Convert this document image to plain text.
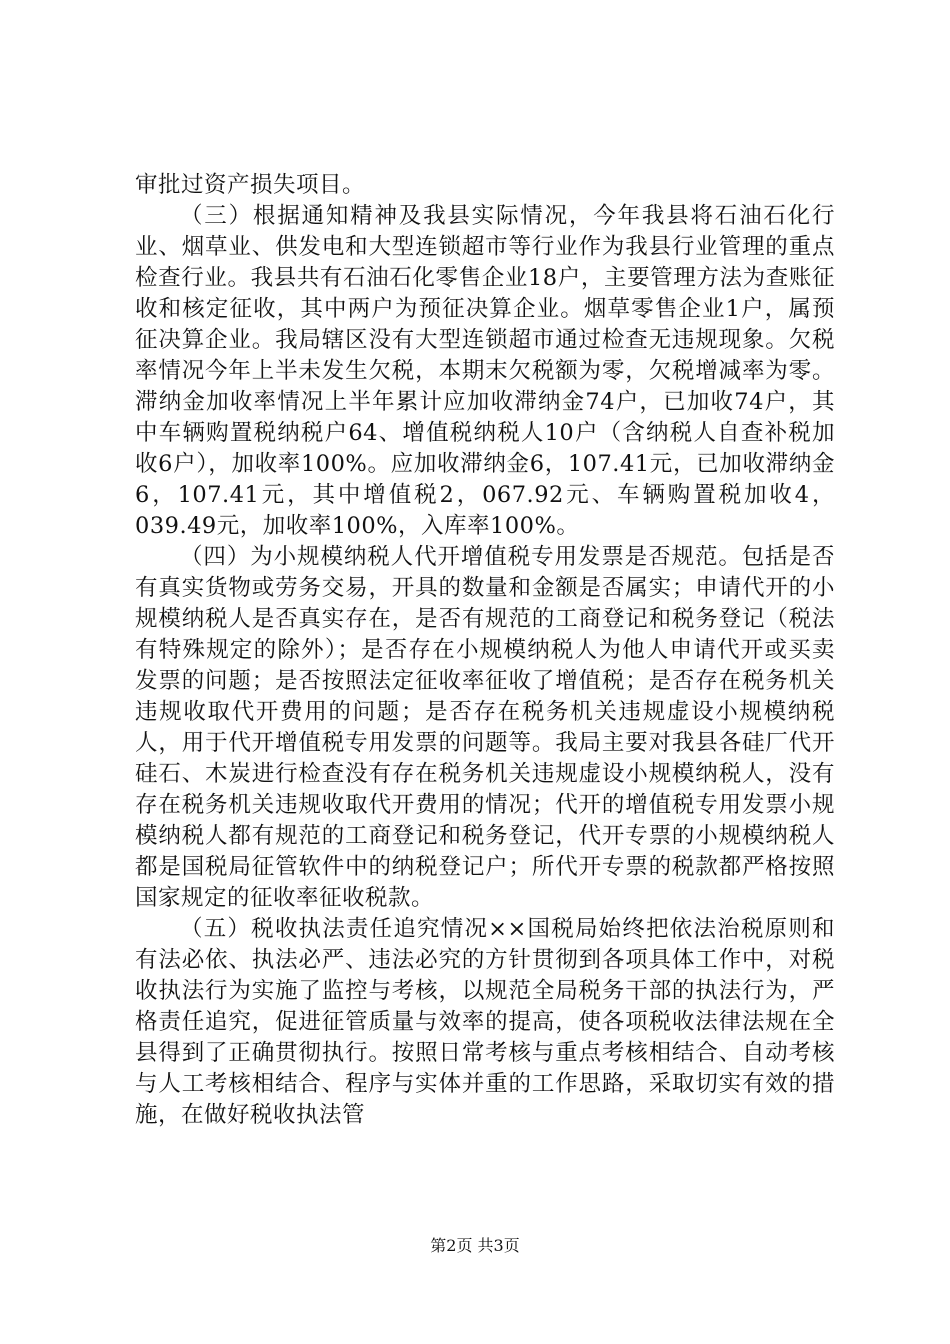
审批过资产损失项目。

（三）根据通知精神及我县实际情况，今年我县将石油石化行业、烟草业、供发电和大型连锁超市等行业作为我县行业管理的重点检查行业。我县共有石油石化零售企业18户，主要管理方法为查账征收和核定征收，其中两户为预征决算企业。烟草零售企业1户，属预征决算企业。我局辖区没有大型连锁超市通过检查无违规现象。欠税率情况今年上半未发生欠税，本期末欠税额为零，欠税增减率为零。滞纳金加收率情况上半年累计应加收滞纳金74户，已加收74户，其中车辆购置税纳税户64、增值税纳税人10户（含纳税人自查补税加收6户），加收率100%。应加收滞纳金6，107.41元，已加收滞纳金6，107.41元，其中增值税2，067.92元、车辆购置税加收4，039.49元，加收率100%，入库率100%。

（四）为小规模纳税人代开增值税专用发票是否规范。包括是否有真实货物或劳务交易，开具的数量和金额是否属实；申请代开的小规模纳税人是否真实存在，是否有规范的工商登记和税务登记（税法有特殊规定的除外）；是否存在小规模纳税人为他人申请代开或买卖发票的问题；是否按照法定征收率征收了增值税；是否存在税务机关违规收取代开费用的问题；是否存在税务机关违规虚设小规模纳税人，用于代开增值税专用发票的问题等。我局主要对我县各硅厂代开硅石、木炭进行检查没有存在税务机关违规虚设小规模纳税人，没有存在税务机关违规收取代开费用的情况；代开的增值税专用发票小规模纳税人都有规范的工商登记和税务登记，代开专票的小规模纳税人都是国税局征管软件中的纳税登记户；所代开专票的税款都严格按照国家规定的征收率征收税款。

（五）税收执法责任追究情况××国税局始终把依法治税原则和有法必依、执法必严、违法必究的方针贯彻到各项具体工作中，对税收执法行为实施了监控与考核，以规范全局税务干部的执法行为，严格责任追究，促进征管质量与效率的提高，使各项税收法律法规在全县得到了正确贯彻执行。按照日常考核与重点考核相结合、自动考核与人工考核相结合、程序与实体并重的工作思路，采取切实有效的措施，在做好税收执法管

第2页 共3页
